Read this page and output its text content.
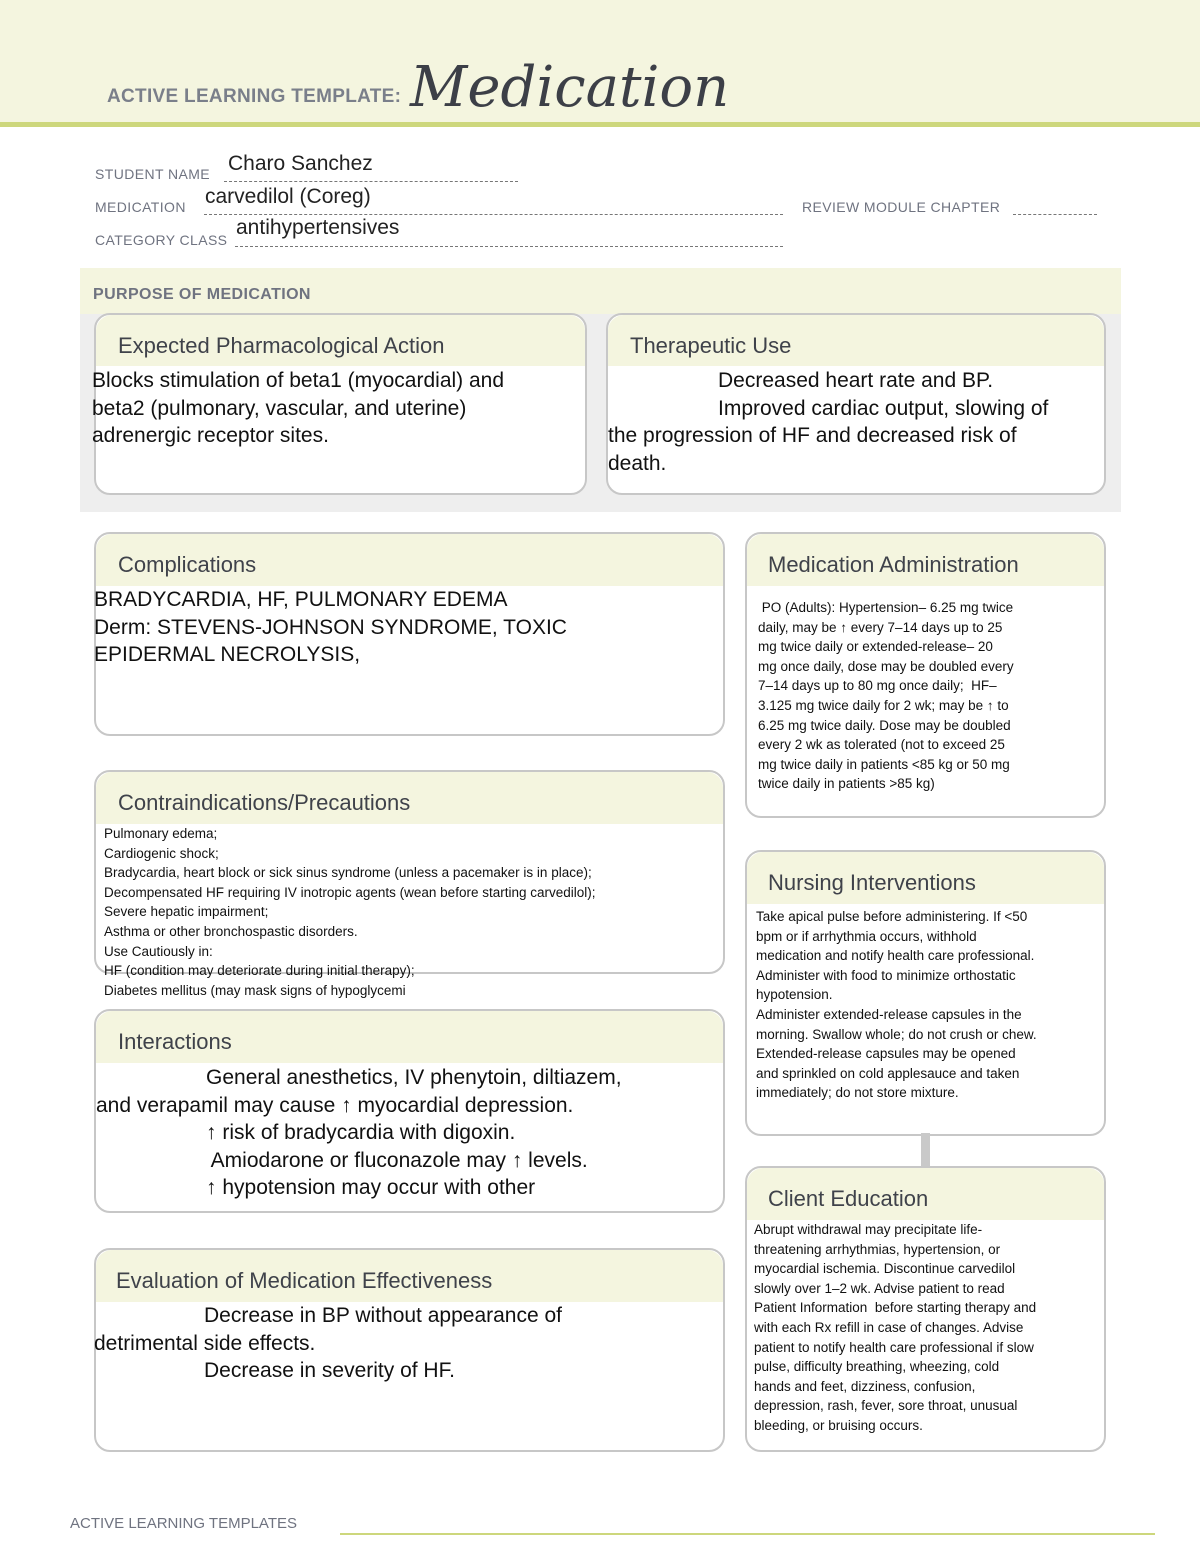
ACTIVE LEARNING TEMPLATE: Medication
STUDENT NAME Charo Sanchez
MEDICATION carvedilol (Coreg)	REVIEW MODULE CHAPTER
CATEGORY CLASS
antihypertensives
PURPOSE OF MEDICATION
Expected Pharmacological Action
Blocks stimulation of beta1 (myocardial) and
beta2 (pulmonary, vascular, and uterine)
adrenergic receptor sites.
Therapeutic Use
Decreased heart rate and BP.
Improved cardiac output, slowing of
the progression of HF and decreased risk of
death.
Complications
BRADYCARDIA, HF, PULMONARY EDEMA
Derm: STEVENS-JOHNSON SYNDROME, TOXIC
EPIDERMAL NECROLYSIS,
Medication Administration
PO (Adults): Hypertension– 6.25 mg twice
daily, may be ↑ every 7–14 days up to 25
mg twice daily or extended-release– 20
mg once daily, dose may be doubled every
7–14 days up to 80 mg once daily;  HF–
3.125 mg twice daily for 2 wk; may be ↑ to
6.25 mg twice daily. Dose may be doubled
every 2 wk as tolerated (not to exceed 25
mg twice daily in patients <85 kg or 50 mg
twice daily in patients >85 kg)
Contraindications/Precautions
Pulmonary edema;
Cardiogenic shock;
Bradycardia, heart block or sick sinus syndrome (unless a pacemaker is in place);
Decompensated HF requiring IV inotropic agents (wean before starting carvedilol);
Severe hepatic impairment;
Asthma or other bronchospastic disorders.
Use Cautiously in:
HF (condition may deteriorate during initial therapy);
Diabetes mellitus (may mask signs of hypoglycemi
Nursing Interventions
Take apical pulse before administering. If <50
bpm or if arrhythmia occurs, withhold
medication and notify health care professional.
Administer with food to minimize orthostatic
hypotension.
Administer extended-release capsules in the
morning. Swallow whole; do not crush or chew.
Extended-release capsules may be opened
and sprinkled on cold applesauce and taken
immediately; do not store mixture.
Interactions
General anesthetics, IV phenytoin, diltiazem,
and verapamil may cause ↑ myocardial depression.
↑ risk of bradycardia with digoxin.
Amiodarone or fluconazole may ↑ levels.
↑ hypotension may occur with other	Client Education
Abrupt withdrawal may precipitate life-
threatening arrhythmias, hypertension, or
myocardial ischemia. Discontinue carvedilol
slowly over 1–2 wk. Advise patient to read
Patient Information  before starting therapy and
with each Rx refill in case of changes. Advise
patient to notify health care professional if slow
pulse, difficulty breathing, wheezing, cold
hands and feet, dizziness, confusion,
depression, rash, fever, sore throat, unusual
bleeding, or bruising occurs.
Evaluation of Medication Effectiveness
Decrease in BP without appearance of
detrimental side effects.
Decrease in severity of HF.
ACTIVE LEARNING TEMPLATES
